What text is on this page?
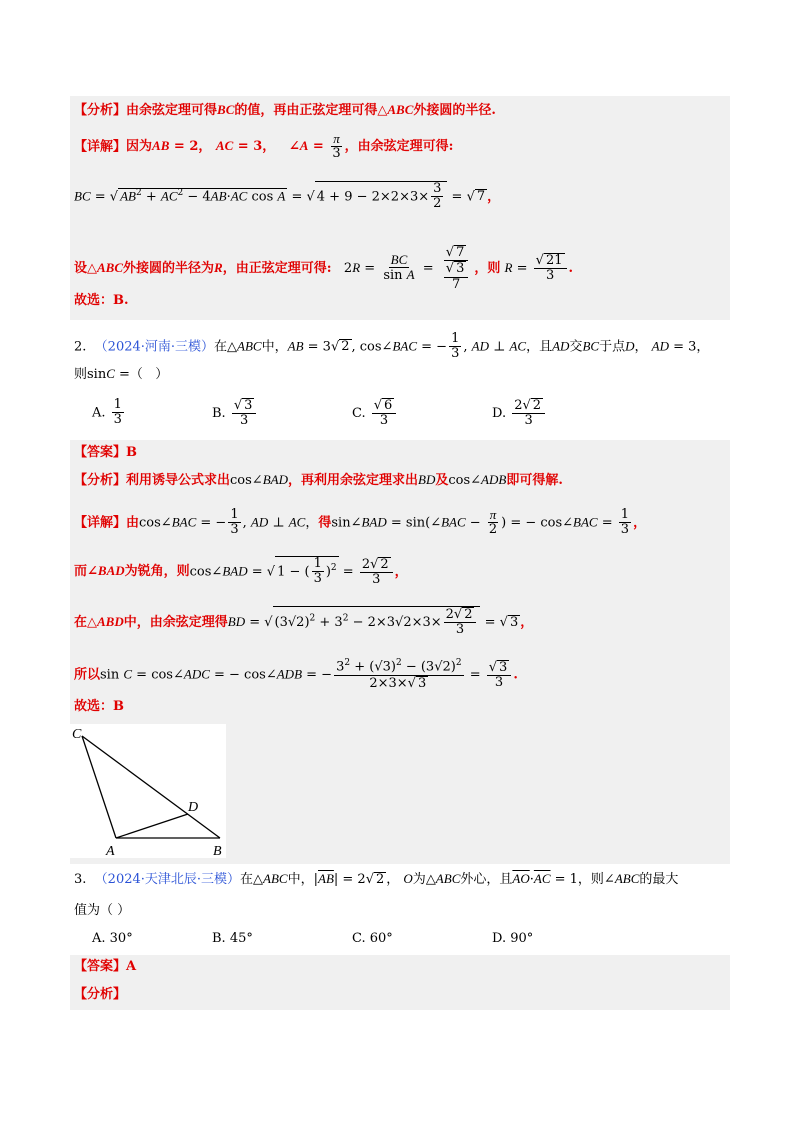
【分析】由余弦定理可得BC的值，再由正弦定理可得△ABC外接圆的半径.
【详解】因为AB = 2， AC = 3，   ∠A = $\frac{\pi}{3}$ ，由余弦定理可得:
BC = √ $AB^2 + AC^2 - 4AB\cdot AC$ cos A = √ $4 + 9 - 2\times 2\times 3\times \frac{3}{2}$ = √ 7 ，
设△ABC外接圆的半径为R，由正弦定理可得:   $2R = \frac{BC}{\text{sin A}} = \frac{√ 7}{\frac{√ 3}{7}}$ ，则 $R = \frac{√ 21}{3}$ .
故选：B.
2. （2024·河南·三模）在△ABC中，AB = 3√ 2 , cos∠BAC = − $\frac{1}{3}$ , AD ⊥ AC，且AD交BC于点D， AD = 3，
则sinC =（   ）
A. $\frac{1}{3}$	B. $\frac{√ 3}{3}$	C. $\frac{√ 6}{3}$	D. $\frac{2√ 2}{3}$
【答案】B
【分析】利用诱导公式求出cos∠BAD，再利用余弦定理求出BD及cos∠ADB即可得解.
【详解】由cos∠BAC = − $\frac{1}{3}$ , AD ⊥ AC，得sin∠BAD = sin(∠BAC − $\frac{\pi}{2}$ ) = − cos∠BAC = $\frac{1}{3}$ ，
而∠BAD为锐角，则cos∠BAD = √ 1 − ( $\frac{1}{3} )^2 = \frac{2√ 2}{3}$ ，
在△ABD中，由余弦定理得BD = √ $(3√2)^2 + 3^2 - 2\times 3√2\times 3\times \frac{2√ 2}{3}$ = √ 3 ，
所以sin C = cos∠ADC = − cos∠ADB = − $\frac{3^2 + (√3)^2 - (3√2)^2}{2\times 3\times√ 3} = \frac{√ 3}{3}$ .
故选：B
C
D
A	B
3. （2024·天津北辰·三模）在△ABC中，$|\overline{AB}| = 2√$ 2 ， O为△ABC外心，且$\overline{AO}\cdot\overline{AC} = 1$，则∠ABC的最大
值为（ ）
A. 30°	B. 45°	C. 60°	D. 90°
【答案】A
【分析】
